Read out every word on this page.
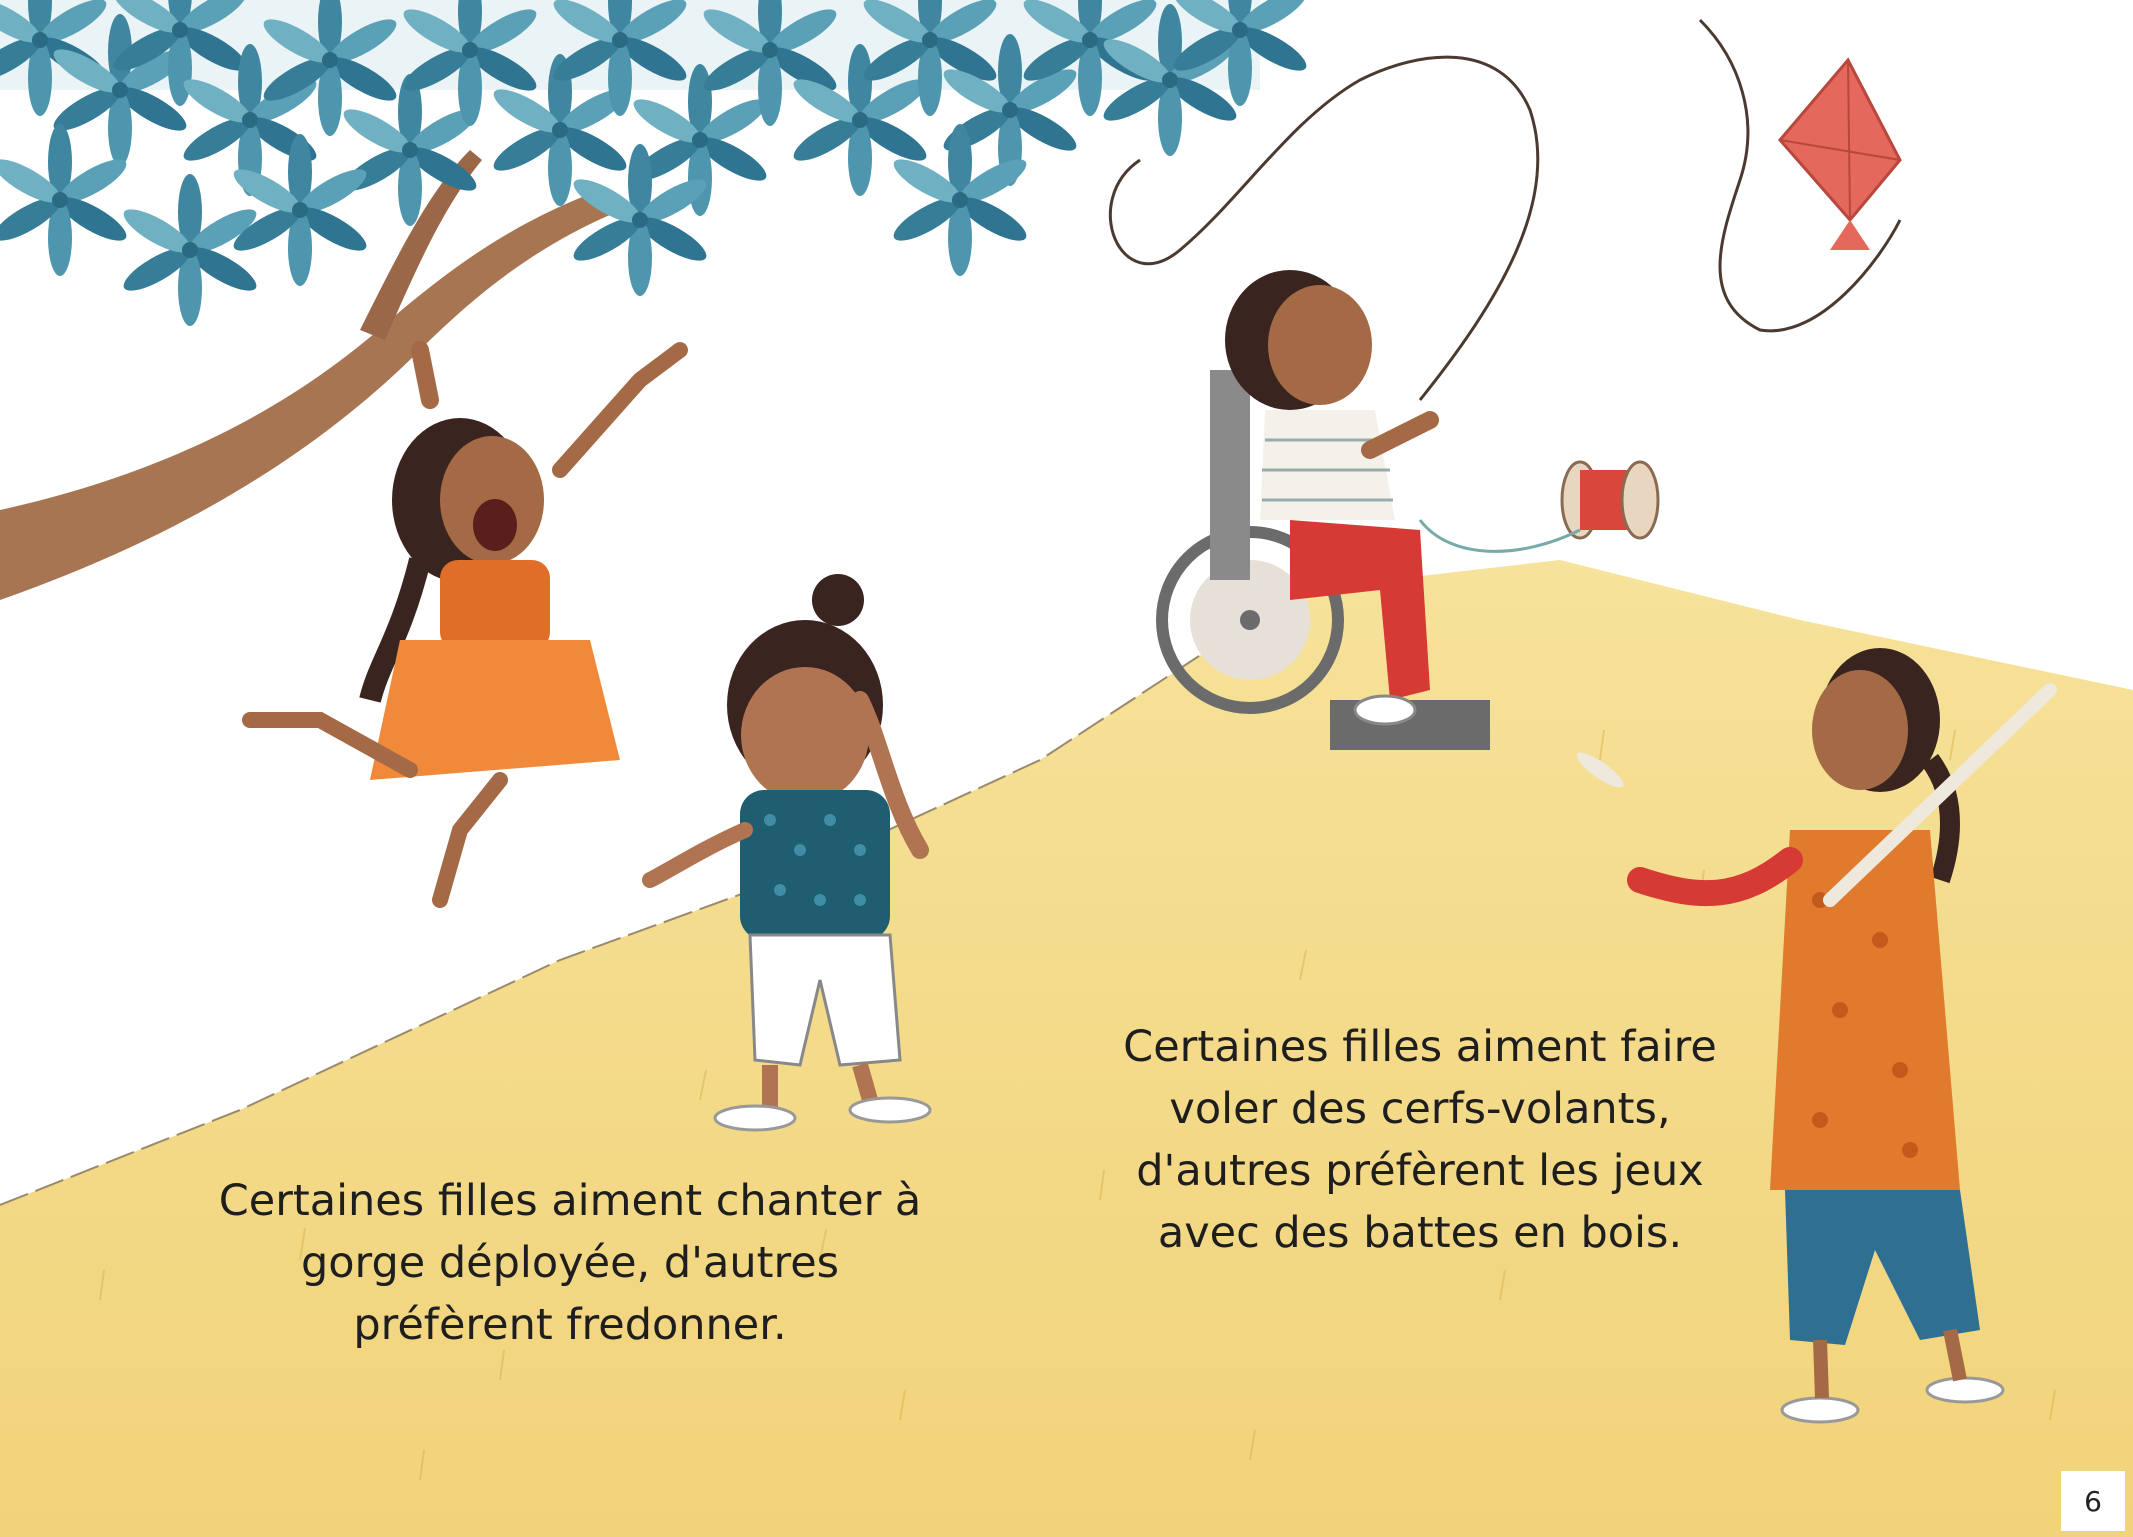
Certaines filles aiment chanter à
gorge déployée, d'autres
préfèrent fredonner.

Certaines filles aiment faire
voler des cerfs-volants,
d'autres préfèrent les jeux
avec des battes en bois.

6
